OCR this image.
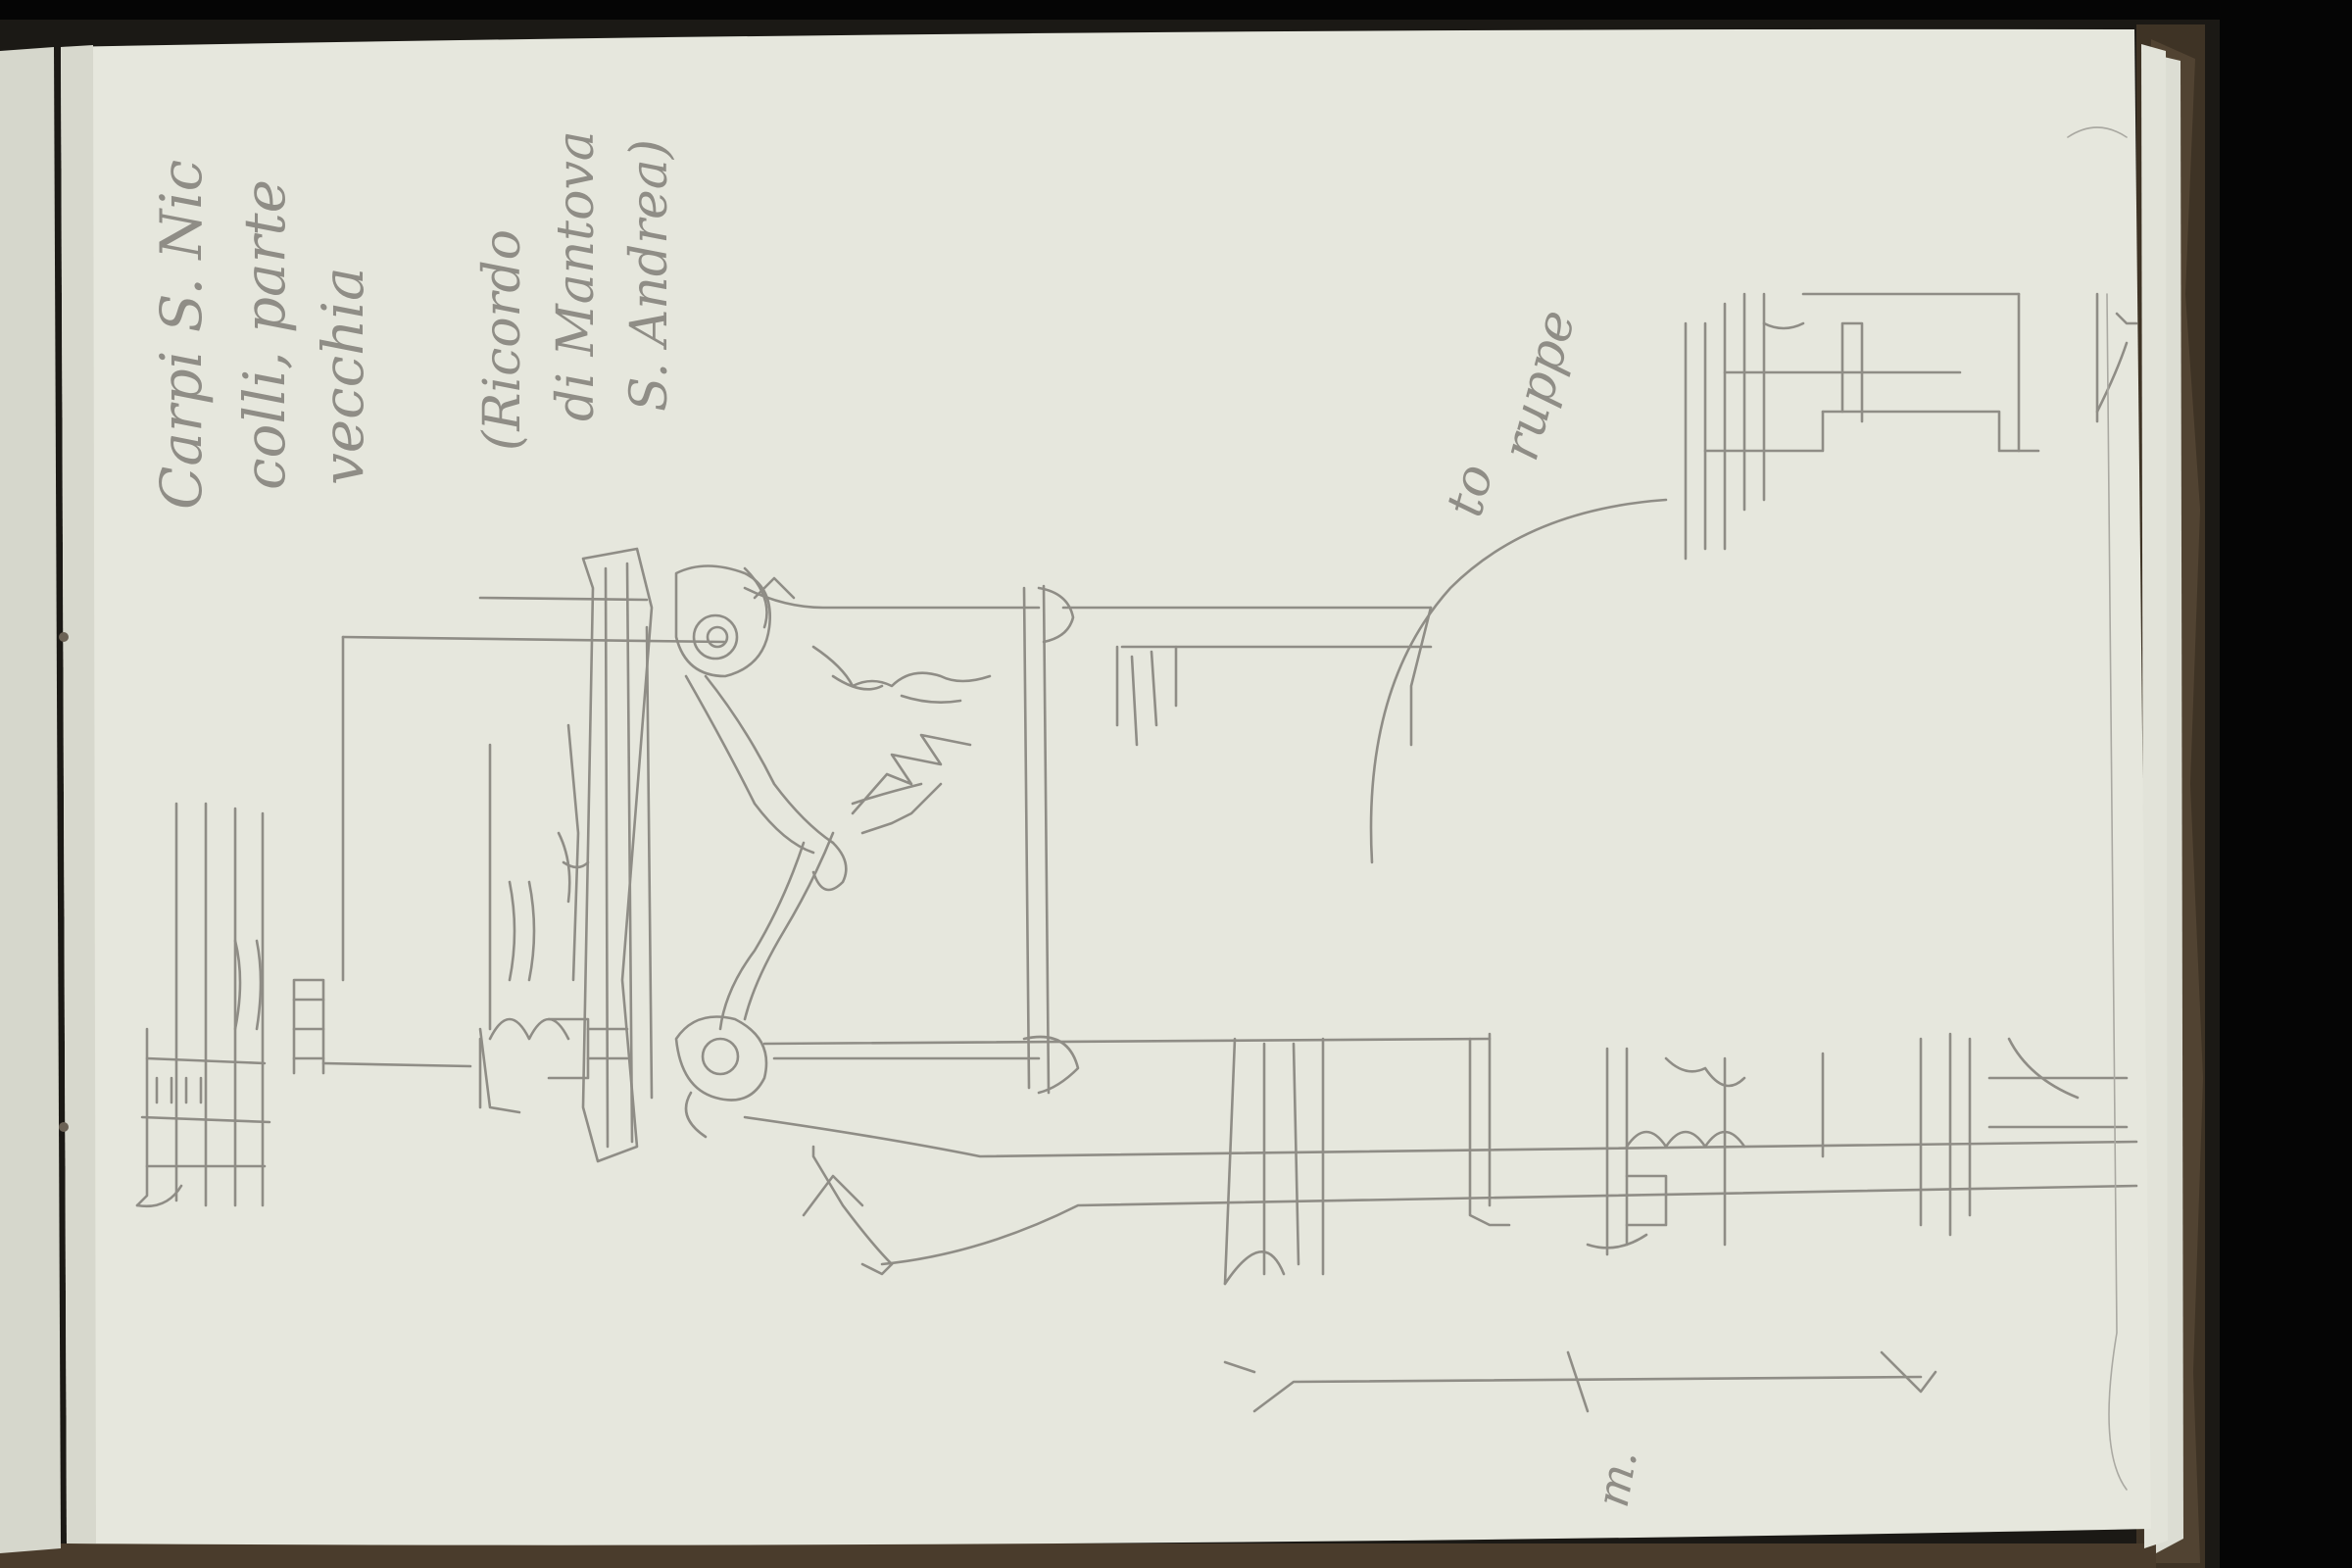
Carpi S. Nic colli, parte vecchia (Ricordo di Mantova S. Andrea)
to
ruppe
m.
